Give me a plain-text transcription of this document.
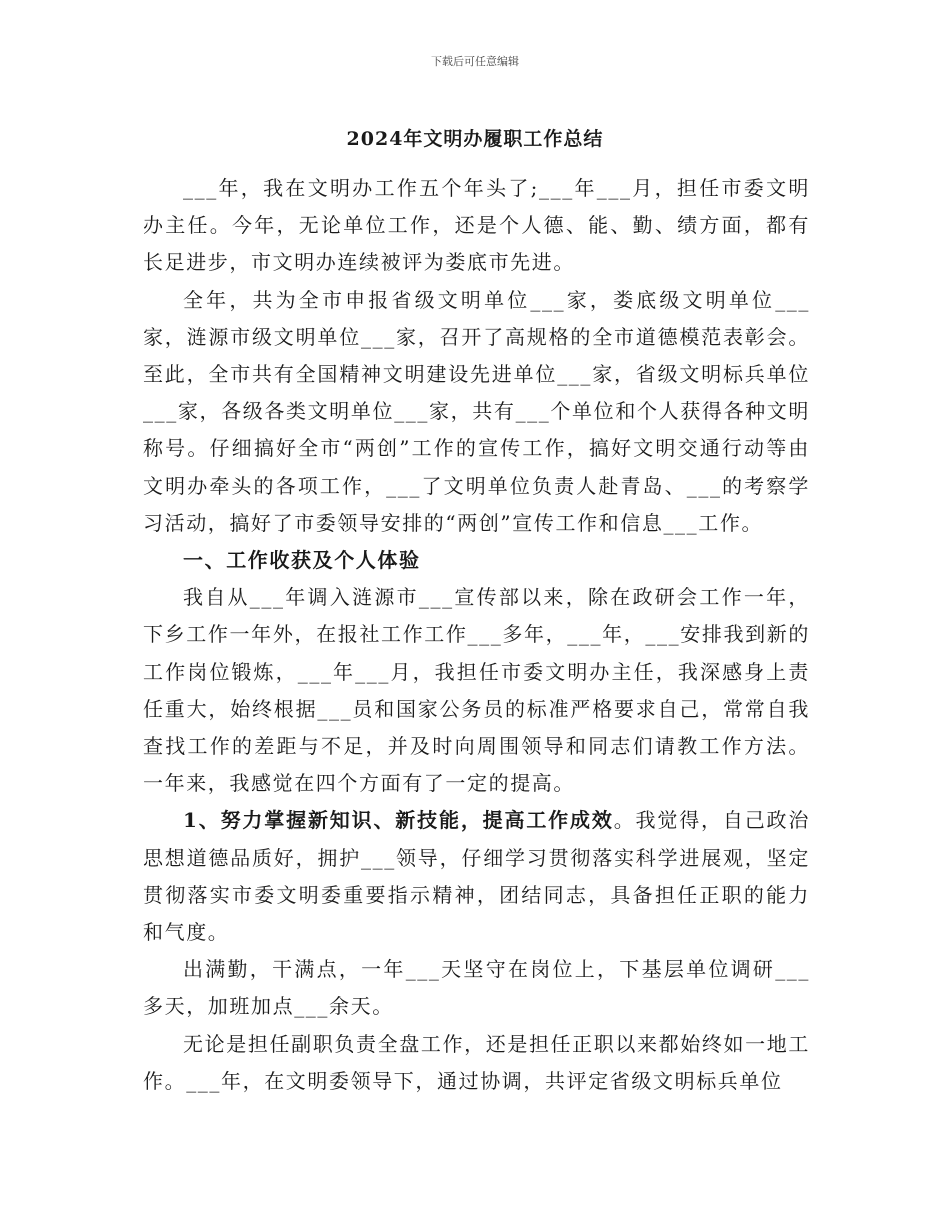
下载后可任意编辑
2024年文明办履职工作总结

___年，我在文明办工作五个年头了;___年___月，担任市委文明办主任。今年，无论单位工作，还是个人德、能、勤、绩方面，都有长足进步，市文明办连续被评为娄底市先进。

全年，共为全市申报省级文明单位___家，娄底级文明单位___家，涟源市级文明单位___家，召开了高规格的全市道德模范表彰会。至此，全市共有全国精神文明建设先进单位___家，省级文明标兵单位___家，各级各类文明单位___家，共有___个单位和个人获得各种文明称号。仔细搞好全市“两创”工作的宣传工作，搞好文明交通行动等由文明办牵头的各项工作，___了文明单位负责人赴青岛、___的考察学习活动，搞好了市委领导安排的“两创”宣传工作和信息___工作。

一、工作收获及个人体验

我自从___年调入涟源市___宣传部以来，除在政研会工作一年，下乡工作一年外，在报社工作工作___多年，___年，___安排我到新的工作岗位锻炼，___年___月，我担任市委文明办主任，我深感身上责任重大，始终根据___员和国家公务员的标准严格要求自己，常常自我查找工作的差距与不足，并及时向周围领导和同志们请教工作方法。一年来，我感觉在四个方面有了一定的提高。

1、努力掌握新知识、新技能，提高工作成效。我觉得，自己政治思想道德品质好，拥护___领导，仔细学习贯彻落实科学进展观，坚定贯彻落实市委文明委重要指示精神，团结同志，具备担任正职的能力和气度。

出满勤，干满点，一年___天坚守在岗位上，下基层单位调研___多天，加班加点___余天。

无论是担任副职负责全盘工作，还是担任正职以来都始终如一地工作。___年，在文明委领导下，通过协调，共评定省级文明标兵单位
